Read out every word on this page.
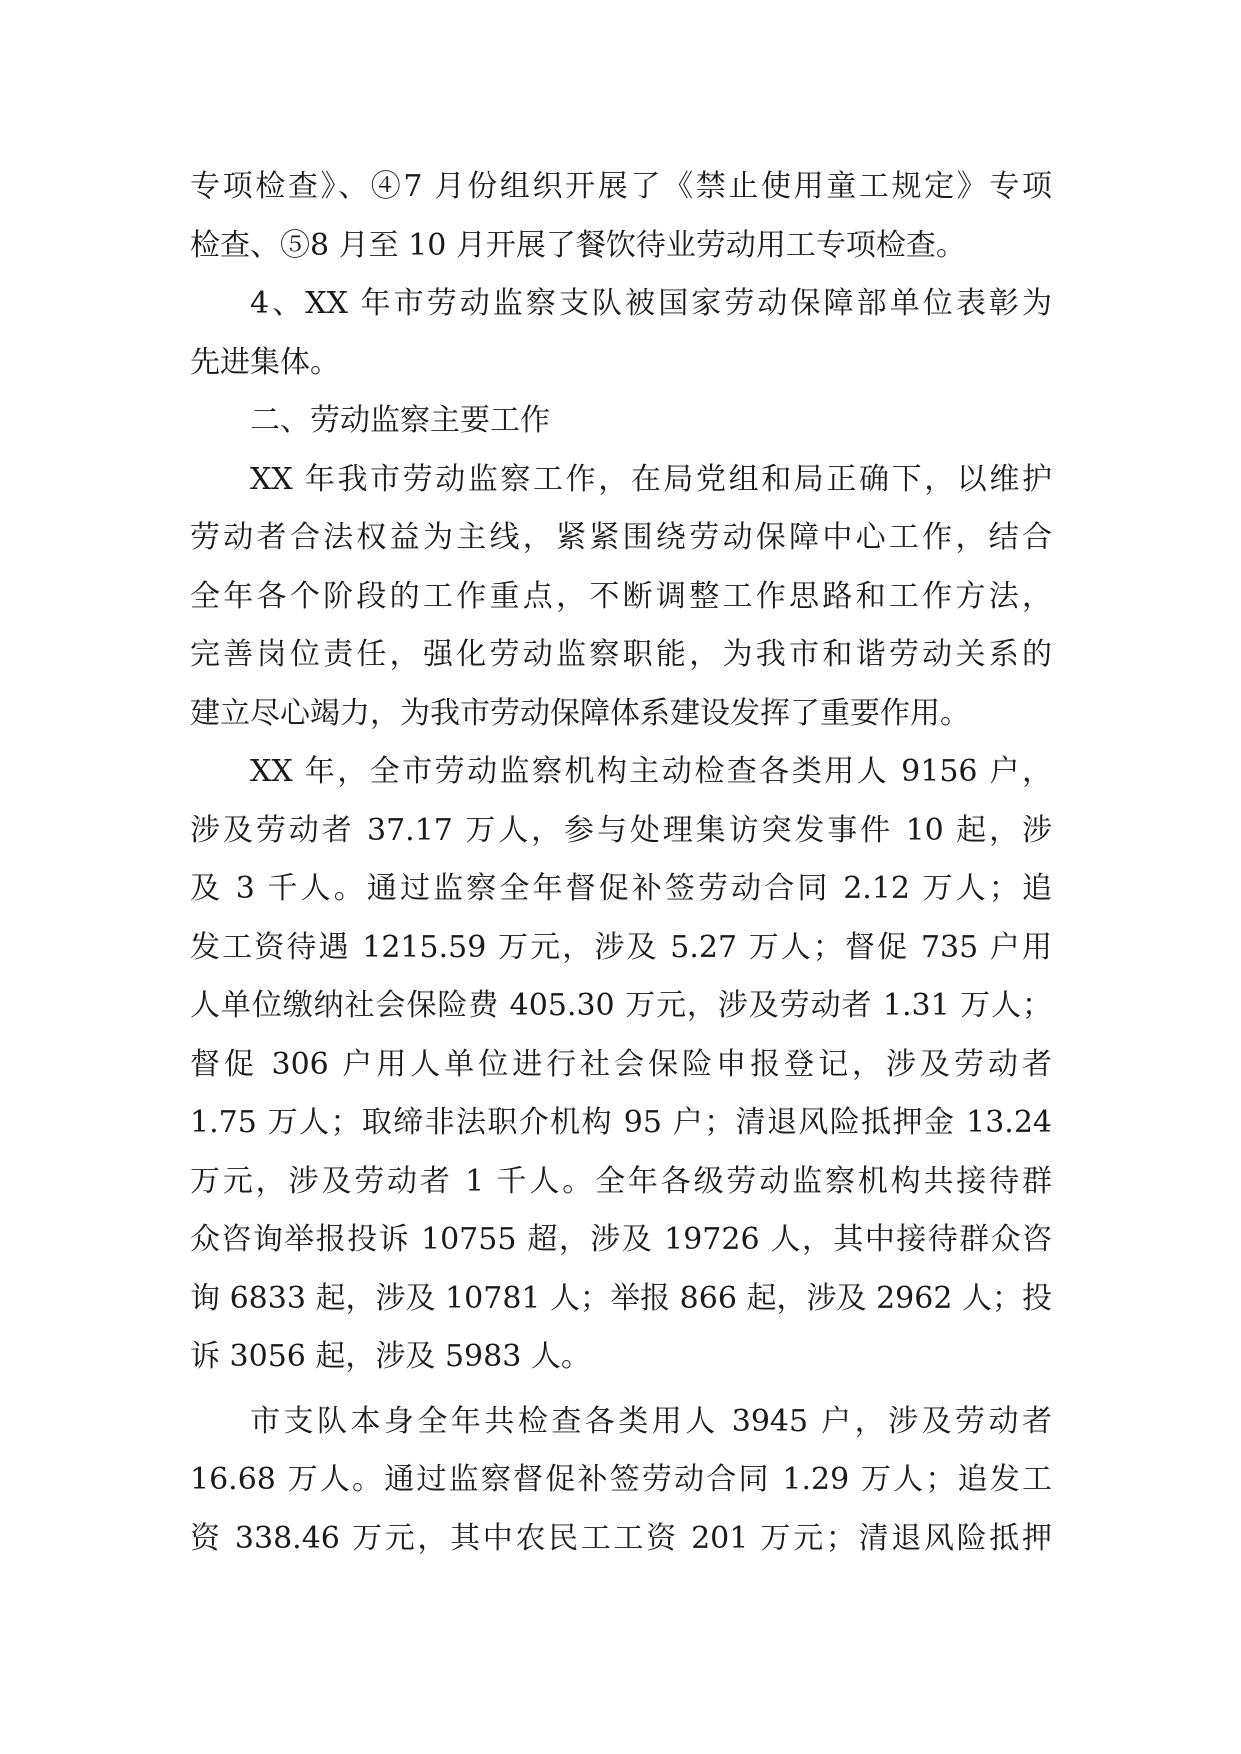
专项检查》、④7 月份组织开展了《禁止使用童工规定》专项
检查、⑤8 月至 10 月开展了餐饮待业劳动用工专项检查。
4、XX 年市劳动监察支队被国家劳动保障部单位表彰为
先进集体。
二、劳动监察主要工作
XX 年我市劳动监察工作，在局党组和局正确下，以维护
劳动者合法权益为主线，紧紧围绕劳动保障中心工作，结合
全年各个阶段的工作重点，不断调整工作思路和工作方法，
完善岗位责任，强化劳动监察职能，为我市和谐劳动关系的
建立尽心竭力，为我市劳动保障体系建设发挥了重要作用。
XX 年，全市劳动监察机构主动检查各类用人 9156 户，
涉及劳动者 37.17 万人，参与处理集访突发事件 10 起，涉
及 3 千人。通过监察全年督促补签劳动合同 2.12 万人；追
发工资待遇 1215.59 万元，涉及 5.27 万人；督促 735 户用
人单位缴纳社会保险费 405.30 万元，涉及劳动者 1.31 万人；
督促 306 户用人单位进行社会保险申报登记，涉及劳动者
1.75 万人；取缔非法职介机构 95 户；清退风险抵押金 13.24
万元，涉及劳动者 1 千人。全年各级劳动监察机构共接待群
众咨询举报投诉 10755 超，涉及 19726 人，其中接待群众咨
询 6833 起，涉及 10781 人；举报 866 起，涉及 2962 人；投
诉 3056 起，涉及 5983 人。
市支队本身全年共检查各类用人 3945 户，涉及劳动者
16.68 万人。通过监察督促补签劳动合同 1.29 万人；追发工
资 338.46 万元，其中农民工工资 201 万元；清退风险抵押
